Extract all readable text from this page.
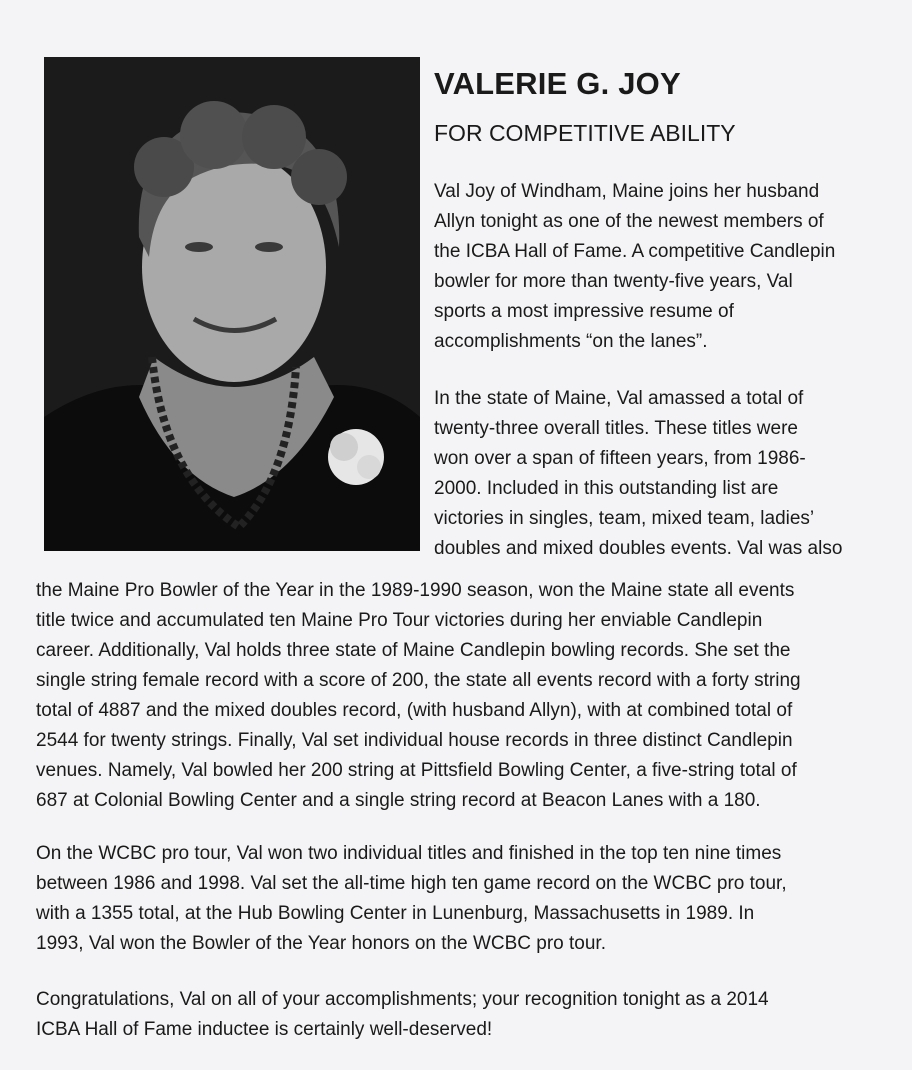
VALERIE G. JOY
FOR COMPETITIVE ABILITY

Val Joy of Windham, Maine joins her husband
Allyn tonight as one of the newest members of
the ICBA Hall of Fame. A competitive Candlepin
bowler for more than twenty-five years, Val
sports a most impressive resume of
accomplishments “on the lanes”.

In the state of Maine, Val amassed a total of
twenty-three overall titles. These titles were
won over a span of fifteen years, from 1986-
2000. Included in this outstanding list are
victories in singles, team, mixed team, ladies’
doubles and mixed doubles events. Val was also

the Maine Pro Bowler of the Year in the 1989-1990 season, won the Maine state all events
title twice and accumulated ten Maine Pro Tour victories during her enviable Candlepin
career. Additionally, Val holds three state of Maine Candlepin bowling records. She set the
single string female record with a score of 200, the state all events record with a forty string
total of 4887 and the mixed doubles record, (with husband Allyn), with at combined total of
2544 for twenty strings. Finally, Val set individual house records in three distinct Candlepin
venues. Namely, Val bowled her 200 string at Pittsfield Bowling Center, a five-string total of
687 at Colonial Bowling Center and a single string record at Beacon Lanes with a 180.

On the WCBC pro tour, Val won two individual titles and finished in the top ten nine times
between 1986 and 1998. Val set the all-time high ten game record on the WCBC pro tour,
with a 1355 total, at the Hub Bowling Center in Lunenburg, Massachusetts in 1989. In
1993, Val won the Bowler of the Year honors on the WCBC pro tour.

Congratulations, Val on all of your accomplishments; your recognition tonight as a 2014
ICBA Hall of Fame inductee is certainly well-deserved!
